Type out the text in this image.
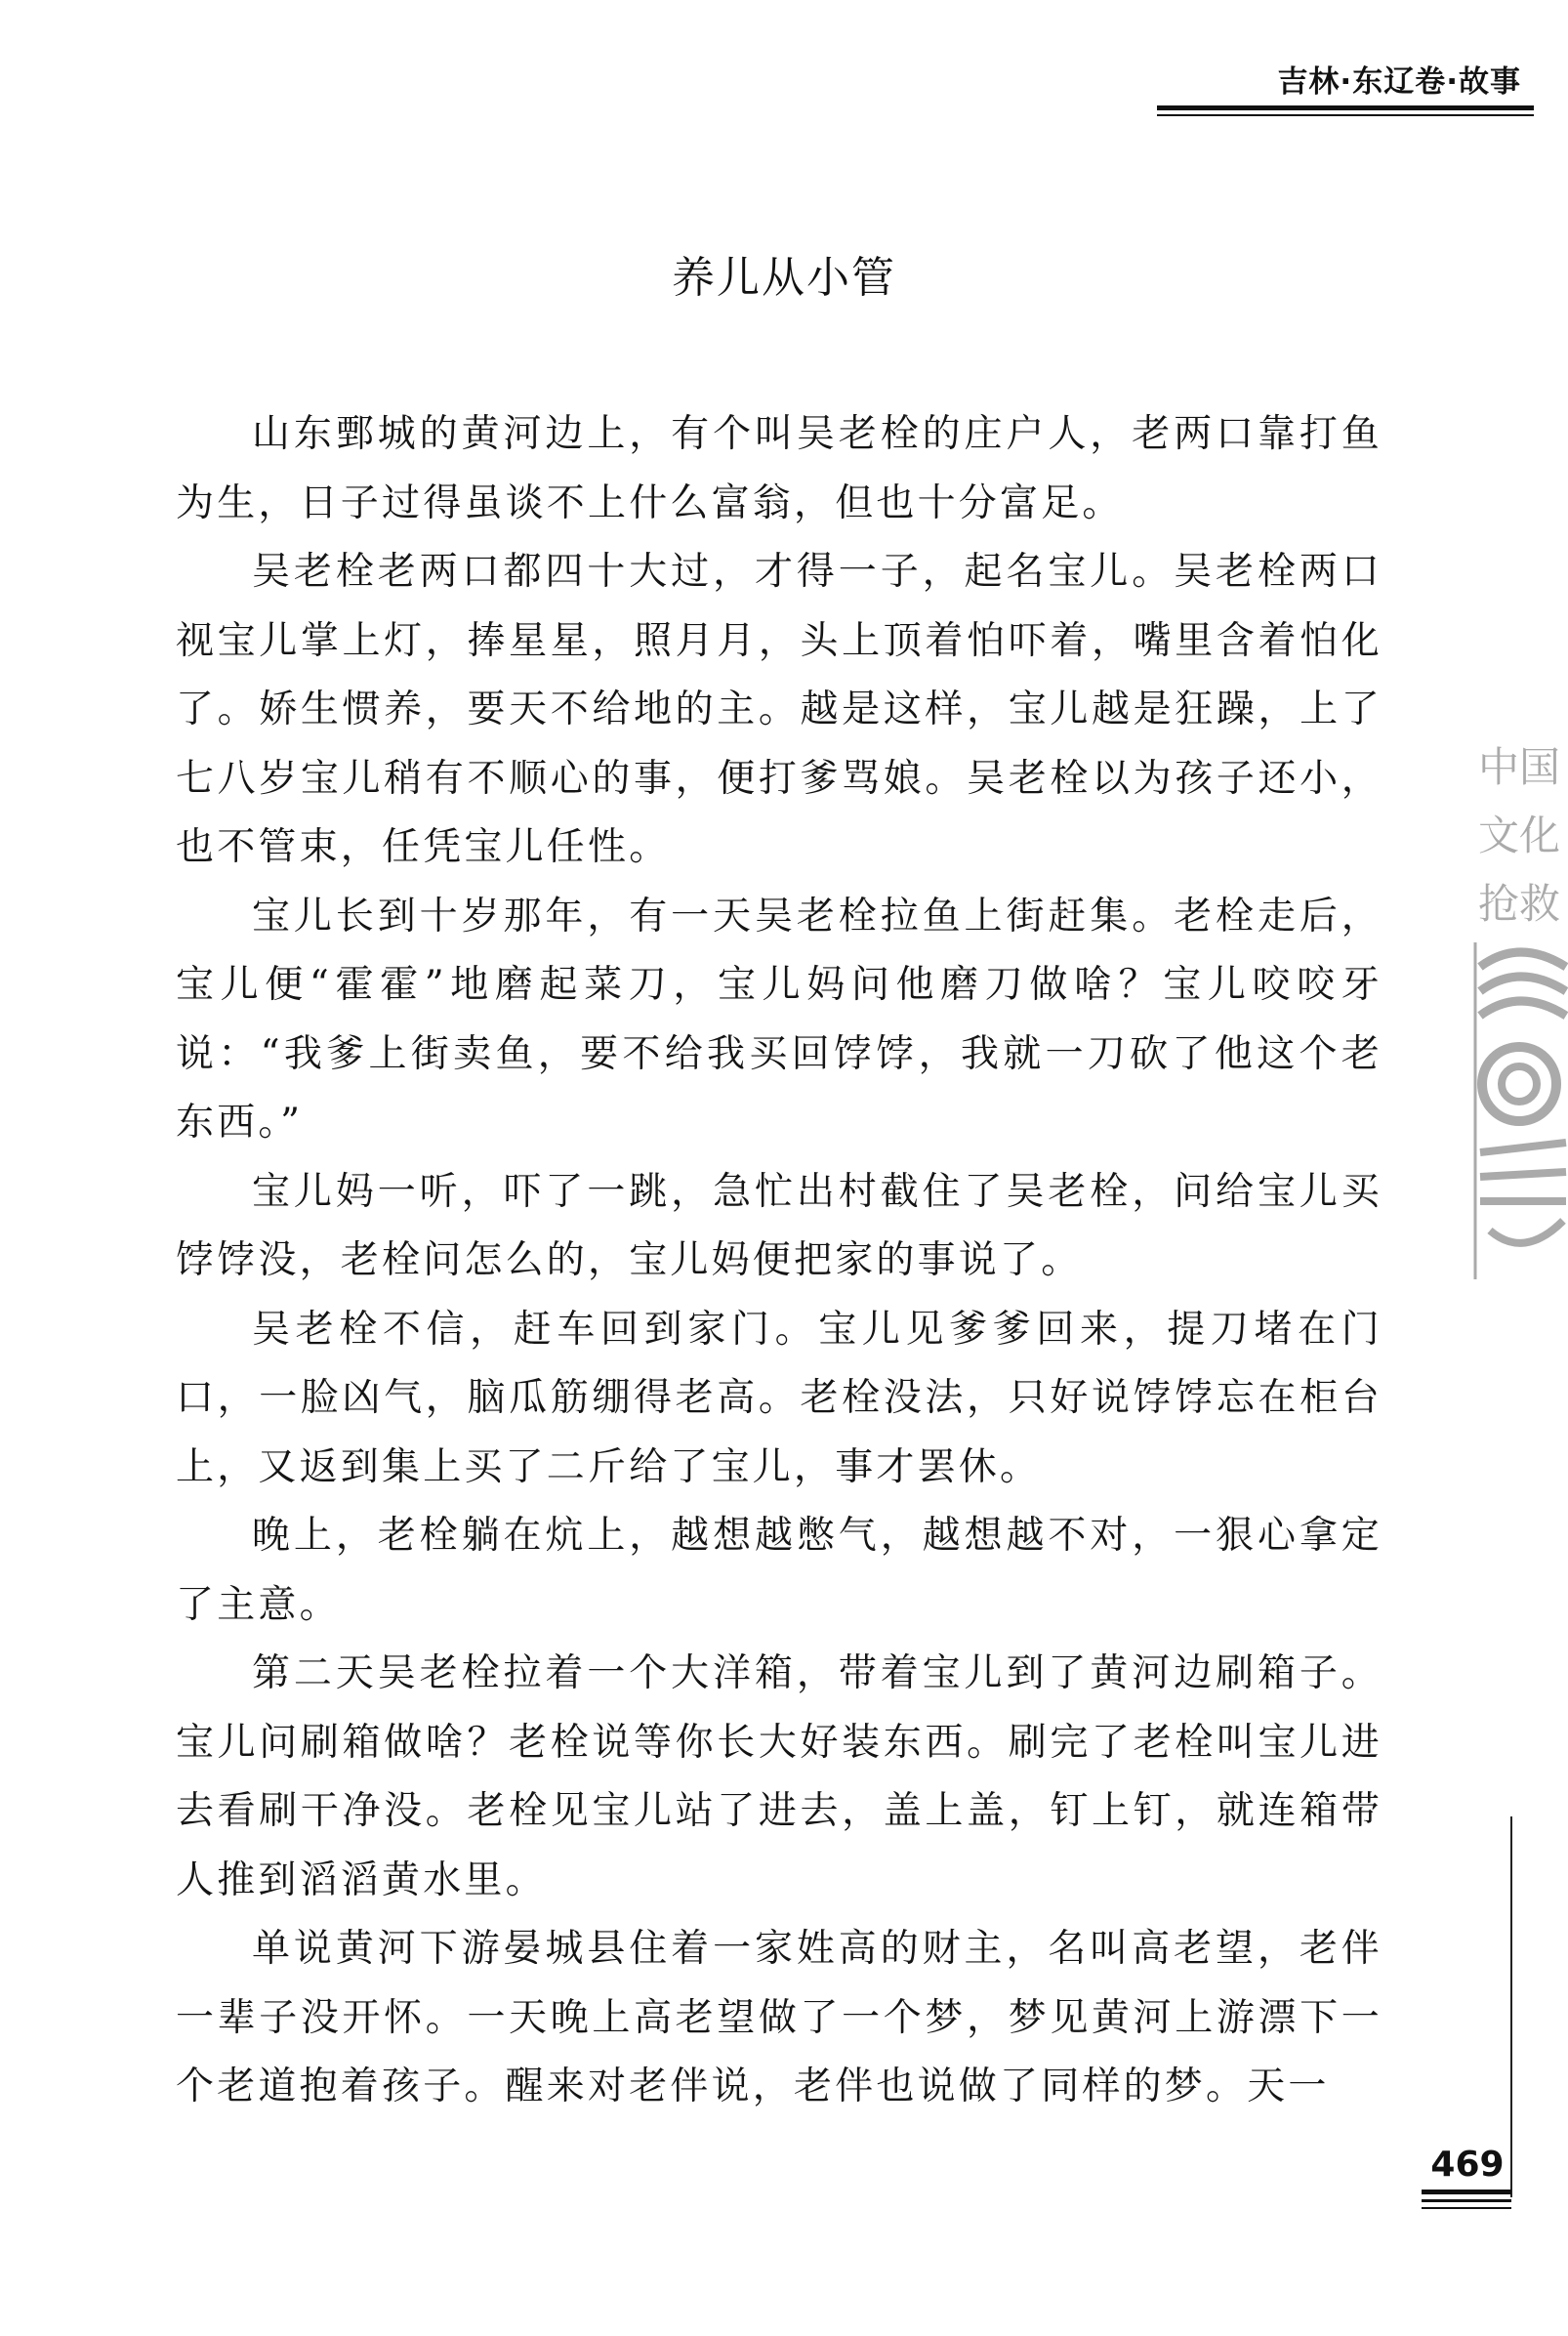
吉林·东辽卷·故事
养儿从小管

山东鄄城的黄河边上，有个叫吴老栓的庄户人，老两口靠打鱼为生，日子过得虽谈不上什么富翁，但也十分富足。

吴老栓老两口都四十大过，才得一子，起名宝儿。吴老栓两口视宝儿掌上灯，捧星星，照月月，头上顶着怕吓着，嘴里含着怕化了。娇生惯养，要天不给地的主。越是这样，宝儿越是狂躁，上了七八岁宝儿稍有不顺心的事，便打爹骂娘。吴老栓以为孩子还小，也不管束，任凭宝儿任性。

宝儿长到十岁那年，有一天吴老栓拉鱼上街赶集。老栓走后，宝儿便“霍霍”地磨起菜刀，宝儿妈问他磨刀做啥？宝儿咬咬牙说：“我爹上街卖鱼，要不给我买回饽饽，我就一刀砍了他这个老东西。”

宝儿妈一听，吓了一跳，急忙出村截住了吴老栓，问给宝儿买饽饽没，老栓问怎么的，宝儿妈便把家的事说了。

吴老栓不信，赶车回到家门。宝儿见爹爹回来，提刀堵在门口，一脸凶气，脑瓜筋绷得老高。老栓没法，只好说饽饽忘在柜台上，又返到集上买了二斤给了宝儿，事才罢休。

晚上，老栓躺在炕上，越想越憋气，越想越不对，一狠心拿定了主意。

第二天吴老栓拉着一个大洋箱，带着宝儿到了黄河边刷箱子。宝儿问刷箱做啥？老栓说等你长大好装东西。刷完了老栓叫宝儿进去看刷干净没。老栓见宝儿站了进去，盖上盖，钉上钉，就连箱带人推到滔滔黄水里。

单说黄河下游晏城县住着一家姓高的财主，名叫高老望，老伴一辈子没开怀。一天晚上高老望做了一个梦，梦见黄河上游漂下一个老道抱着孩子。醒来对老伴说，老伴也说做了同样的梦。天一

中国
文化
抢救
469
